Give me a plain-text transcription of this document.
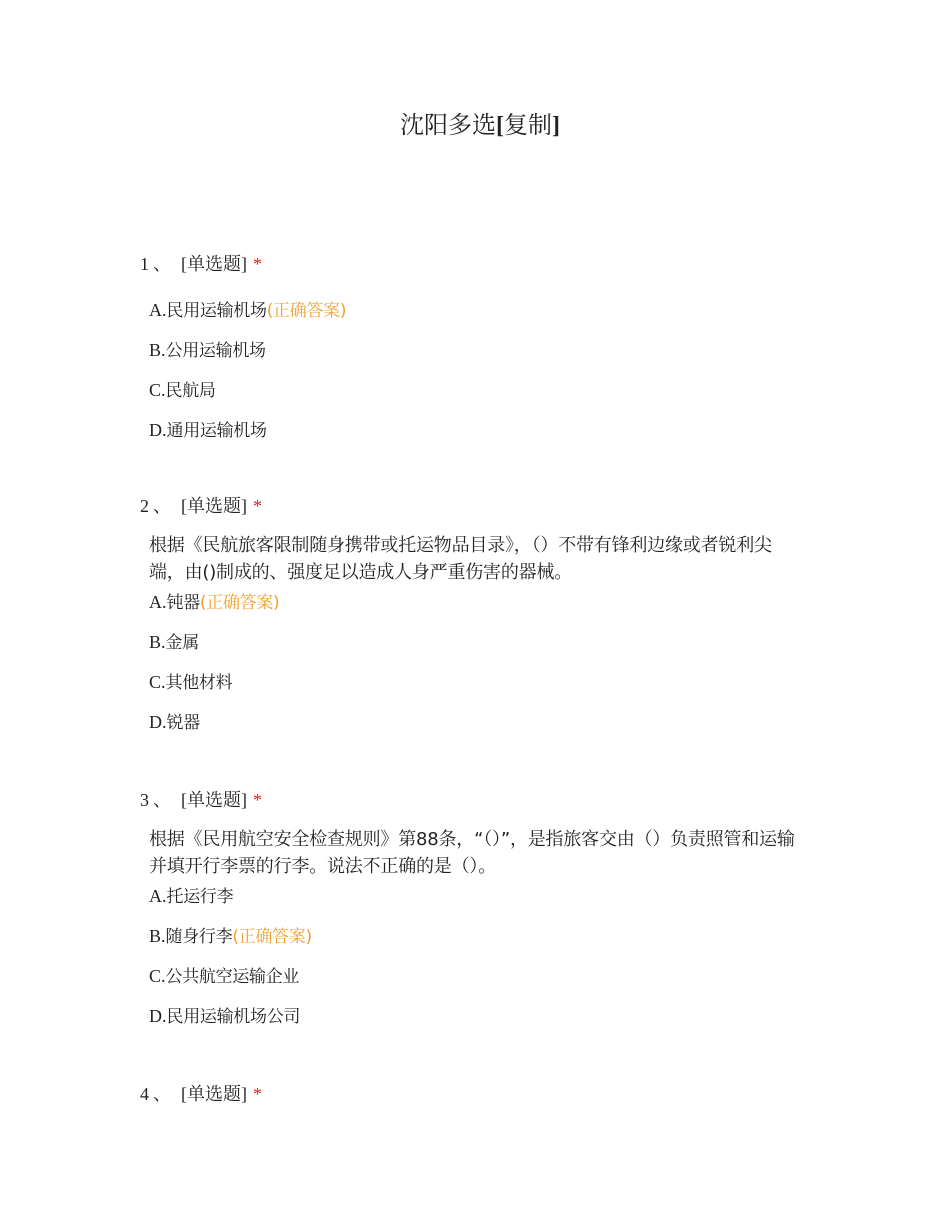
沈阳多选[复制]
1 、 [单选题] *
A.民用运输机场(正确答案)
B.公用运输机场
C.民航局
D.通用运输机场
2 、 [单选题] *
根据《民航旅客限制随身携带或托运物品目录》，（）不带有锋利边缘或者锐利尖端，由()制成的、强度足以造成人身严重伤害的器械。
A.钝器(正确答案)
B.金属
C.其他材料
D.锐器
3 、 [单选题] *
根据《民用航空安全检查规则》第88条，“（）”，是指旅客交由（）负责照管和运输并填开行李票的行李。说法不正确的是（）。
A.托运行李
B.随身行李(正确答案)
C.公共航空运输企业
D.民用运输机场公司
4 、 [单选题] *
